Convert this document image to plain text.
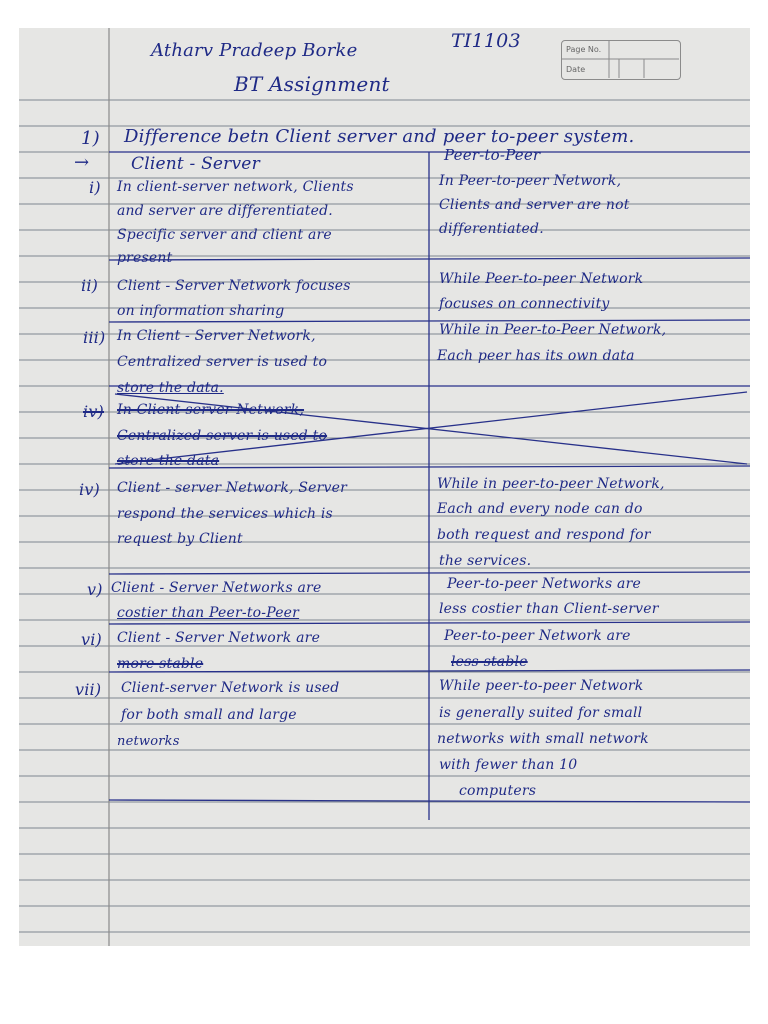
Page No.
Date
Atharv Pradeep Borke	TI1103
BT Assignment
1) Difference betn Client server and peer to-peer system.
→ Client - Server	Peer-to-Peer
i) In client-server network, Clients
and server are differentiated.
Specific server and client are
present
In Peer-to-peer Network,
Clients and server are not
differentiated.
ii) Client - Server Network focuses
on information sharing
While Peer-to-peer Network
focuses on connectivity
iii) In Client - Server Network,
Centralized server is used to
store the data.
While in Peer-to-Peer Network,
Each peer has its own data
iv) In Client-server Network,
Centralized server is used to
store the data
iv) Client - server Network, Server
respond the services which is
request by Client
While in peer-to-peer Network,
Each and every node can do
both request and respond for
the services.
v) Client - Server Networks are
costier than Peer-to-Peer
Peer-to-peer Networks are
less costier than Client-server
vi) Client - Server Network are
more stable
Peer-to-peer Network are
less stable
vii) Client-server Network is used
for both small and large
networks
While peer-to-peer Network
is generally suited for small
networks with small network
with fewer than 10
computers
